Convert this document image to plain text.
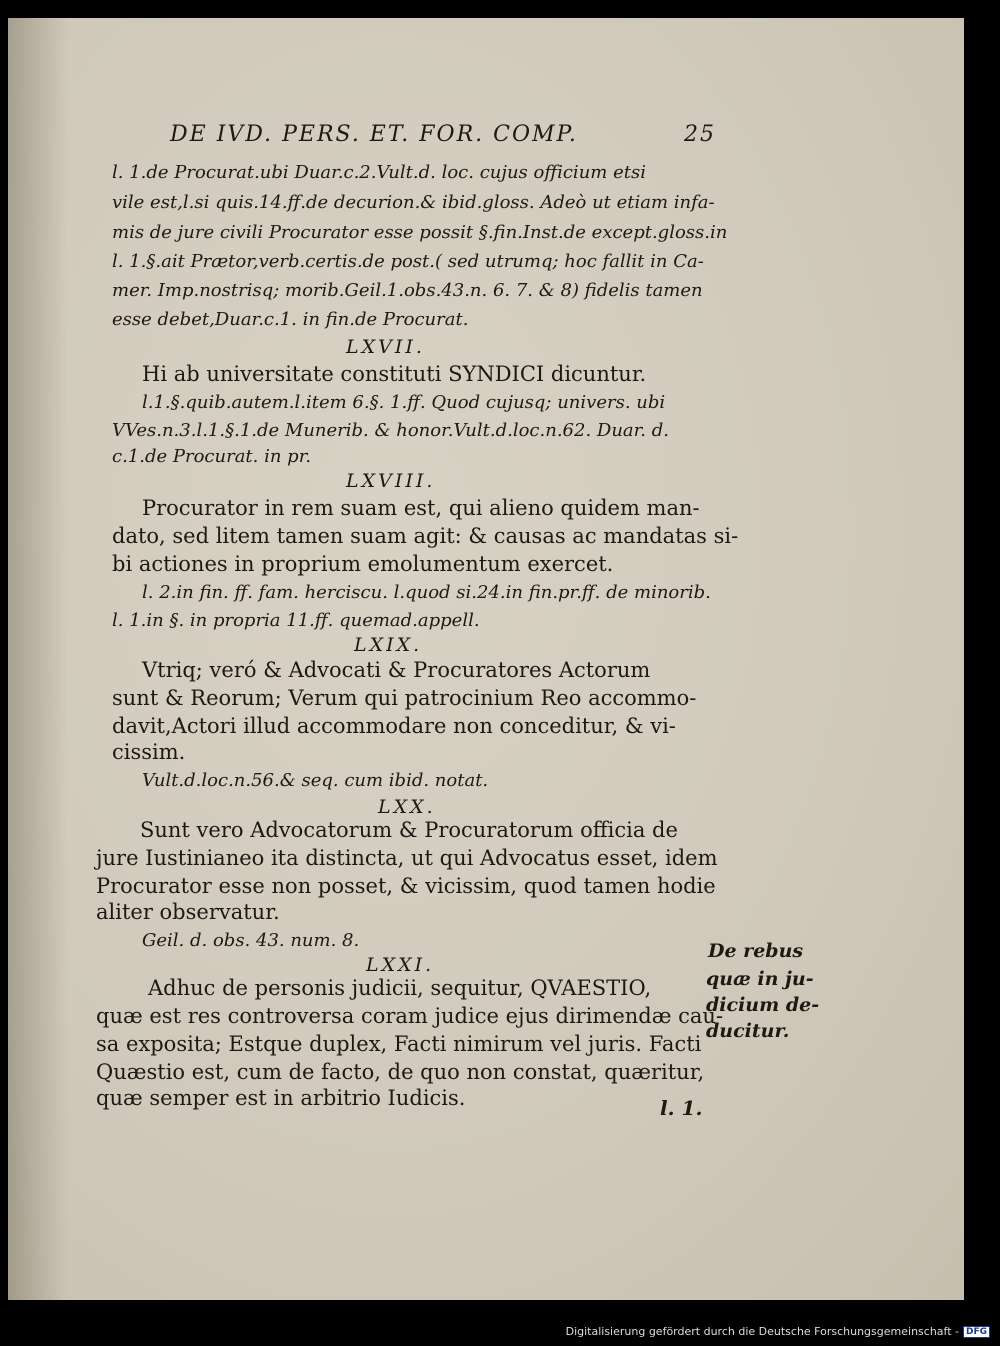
DE IVD. PERS. ET. FOR. COMP.	25
l. 1.de Procurat.ubi Duar.c.2.Vult.d. loc. cujus officium etsi
vile est,l.si quis.14.ff.de decurion.& ibid.gloss. Adeò ut etiam infa-
mis de jure civili Procurator esse possit §.fin.Inst.de except.gloss.in
l. 1.§.ait Prætor,verb.certis.de post.( sed utrumq; hoc fallit in Ca-
mer. Imp.nostrisq; morib.Geil.1.obs.43.n. 6. 7. & 8) fidelis tamen
esse debet,Duar.c.1. in fin.de Procurat.
LXVII.
Hi ab universitate constituti SYNDICI dicuntur.
l.1.§.quib.autem.l.item 6.§. 1.ff. Quod cujusq; univers. ubi
VVes.n.3.l.1.§.1.de Munerib. & honor.Vult.d.loc.n.62. Duar. d.
c.1.de Procurat. in pr.
LXVIII.
Procurator in rem suam est, qui alieno quidem man-
dato, sed litem tamen suam agit: & causas ac mandatas si-
bi actiones in proprium emolumentum exercet.
l. 2.in fin. ff. fam. herciscu. l.quod si.24.in fin.pr.ff. de minorib.
l. 1.in §. in propria 11.ff. quemad.appell.
LXIX.
Vtriq; veró & Advocati & Procuratores Actorum
sunt & Reorum; Verum qui patrocinium Reo accommo-
davit,Actori illud accommodare non conceditur, & vi-
cissim.
Vult.d.loc.n.56.& seq. cum ibid. notat.
LXX.
Sunt vero Advocatorum & Procuratorum officia de
jure Iustinianeo ita distincta, ut qui Advocatus esset, idem
Procurator esse non posset, & vicissim, quod tamen hodie
aliter observatur.
Geil. d. obs. 43. num. 8.
LXXI.
Adhuc de personis judicii, sequitur, QVAESTIO,
quæ est res controversa coram judice ejus dirimendæ cau-
sa exposita; Estque duplex, Facti nimirum vel juris. Facti
Quæstio est, cum de facto, de quo non constat, quæritur,
quæ semper est in arbitrio Iudicis.
De rebus
quæ in ju-
dicium de-
ducitur.
l. 1.
Digitalisierung gefördert durch die Deutsche Forschungsgemeinschaft - DFG
